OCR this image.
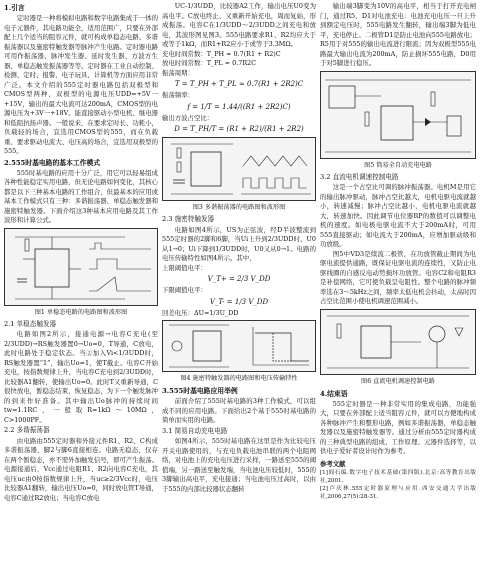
1.引言

定时器是一种将模拟电路和数字电路集成于一体的电子元器件，其电路功能全，适用范围广，只要在外部配上几个适当的阻容元件，就可构成单稳态电路、多谐振荡器以及施密特触发器等脉冲产生电路。定时器电路可用作振荡器、脉冲发生器、延时发生器、方波方生器、单稳态触发振荡器等等。定时器在工业自动控制、检测、定时、报警、电子玩具、计算机等方面应用非常广泛。本文介绍的555定时器电路包括双极型和CMOS型两种，双极型的电源电压UDD=+5V一+15V，输出的最大电流可达200mA，CMOS型的电源电压为+3V一+18V。能直接驱动小型电机、继电器和低阻抗扬声器。一般说来，在要求定时长、功耗小，负载轻的场合，宜选用CMOS型的555，而在负载重、要求驱动电流大、电压高的场合，宜选用双极型的555。

2.555时基电路的基本工作模式

555时基电路的应用十分广泛，用它可以轻易组成各种性能稳定实用电路，但无论电路如何变化，其核心都是以下三种基本电路的工作组合，但最基本的应用或基本工作模式只有三种：多谐振荡器、单稳态触发器和施密特触发器。下面介绍这3种基本应用电路及其工作波形和计算公式。

图1 单稳态电路的电路图和波形图
2.1 单稳态触发器

电路如图2所示，接通电源→电容C充电(至2/3UDD)→RS触发器置0→Uo=0，T导通，C放电，此时电路处于稳定状态。当②加入Vi<1/3UDD时，RS触发器置“1”，输出Uo=1，使T截止。电容C开始充电，按指数规律上升，当电容C充电到2/3UDD时，比较器A1翻转，使输出Uo=0。此时T又重新导通，C很快放电，暂稳态结束，恢复稳态，为下一个触发脉冲的到来作好准备。其中输出Uo脉冲的持续时间tw=1.1RC，一般取R=1kΩ～10MΩ，C>1000PF。

2.2 多谐振荡器

由电路由555定时器和外接元件R1、R2、C构成多谐振荡器，脚2与脚6直接相连。电路无稳态，仅存在两个暂稳态，亦不需外加触发信号，即可产生振荡。电源接通后，Vcc通过电阻R1、R2向电容C充电，其电压uc由0按指数规律上升，当uc≥2/3Vcc时，电压比较器A1翻转，输出电压Uo=0，同时放电管T导通，电容C通过R2放电；当电容C放电

UC-1/3UDD，比较器A2工作，输出电压U0变为高电平。C放电终止、又重新开始充电，周而复始，形成振荡。电容C在1/3UDD～2/3UDD之间充电和放电，其波形图见图3。555电路要求R1、R2均应大于或等于1kΩ，而R1+R2应小于或等于3.3MΩ。

充电时间常数：T_PH ≈ 0.7(R1 + R2)C

放电时间常数：T_PL ≈ 0.7R2C

振荡周期：

T = T_PH + T_PL ≈ 0.7(R1 + 2R2)C

振荡频率：

f = 1/T = 1.44/((R1 + 2R2)C)

输出方波占空比：

D = T_PH/T = (R1 + R2)/(R1 + 2R2)
图3 多谐振荡器的电路图和波形图
2.3 施密特触发器

电路如图4所示，US为正弦波，经D半波整流到555定时器的2脚和6脚，当Ui上升到2/3UDD时，U0从1→0；Ui下降到1/3UDD时，U0又从0→1。电路的电压传输特性如图4所示。其中，

上限阈值电平：

V_T+ = 2/3 V_DD

下限阈值电平：

V_T- = 1/3 V_DD

回差电压：ΔU=1/3U_DD

图4 施密特触发器的电路图和电压传输特性
3.555时基电路应用举例

前面介绍了555时基电路的3种工作模式，可以组成不同的应用电路。下面给出2个基于555时基电路的简单而实用的电路。

3.1 简易自动充电电路

如图4所示，555时基电路在这里是作为比较电压开关电路使用的，与充电负载电池串联的两个电阻网络，对电池上的充电电压进行采样，一路送至555的阈值端，另一路送至触发端，当电池电压较低时，555的3脚输出高电平，充电接通；当电池电压过高时，以由于555的内部比较器状态翻转

输出端3脚变为10V的高电平，相当于打开充电闸门，通过R5、D1对电池充电：电池充电电压一旦上升到额定电压时，555电路发生翻转，输出端3脚为低电平，充电停止。二极管D1是防止电池向555电路放电；R5用于对555的输出电流进行限流；因为双极型555电路最大输出电流为200mA，防止损坏555电路，D0用于对5脚进行稳压。

图5 简易全自动充电电路
3.2 直流电机调速控制电路

这是一个占空比可调的脉冲振荡器。电机M是用它的输出脉冲驱动，脉冲占空比越大，电机电驱电流就越小，转速减慢；脉冲占空比越小，电机电驱电流就越大，转速加快。因此调节电位器RP的数值可以调整电机的速度。如电极电驱电流不大于200mA时，可用555直接驱动；如电流大于200mA，应增加驱动级和功放级。

图5中VD3是续流二极管，在功放管截止期间为电驱电流提供通路，既保证电驱电流的连续性，又防止电驱线圈的自感反电动势损坏功放管。电容C2和电阻R3是补偿网络，它可使负载呈电阻性。整个电路的脉冲频率选在3～5kHz之间，频率太低电机会抖动，太高时因占空比范围小使电机调速范围减小。

图6 直流电机调速控制电路
4.结束语

555定时器是一种非常实用的集成电路，功能强大，只要在外部配上适当阻容元件，就可以方便地构成各种脉冲产生和整形电路，例如多谐振荡器，单稳态触发器以及施密特触发器等。通过分析由555定时器构成的三种典型电路的组成、工作原理、元器件选择等，以供电子爱好者设计时作为参考。

参考文献

[1]阎石编.数字电子技术基础(第四版).北京:高等教育出版社,2001.

[2]卢庆林.555定时器原理与应用.西安交通大学出版社,2006,27(5):28-31.
